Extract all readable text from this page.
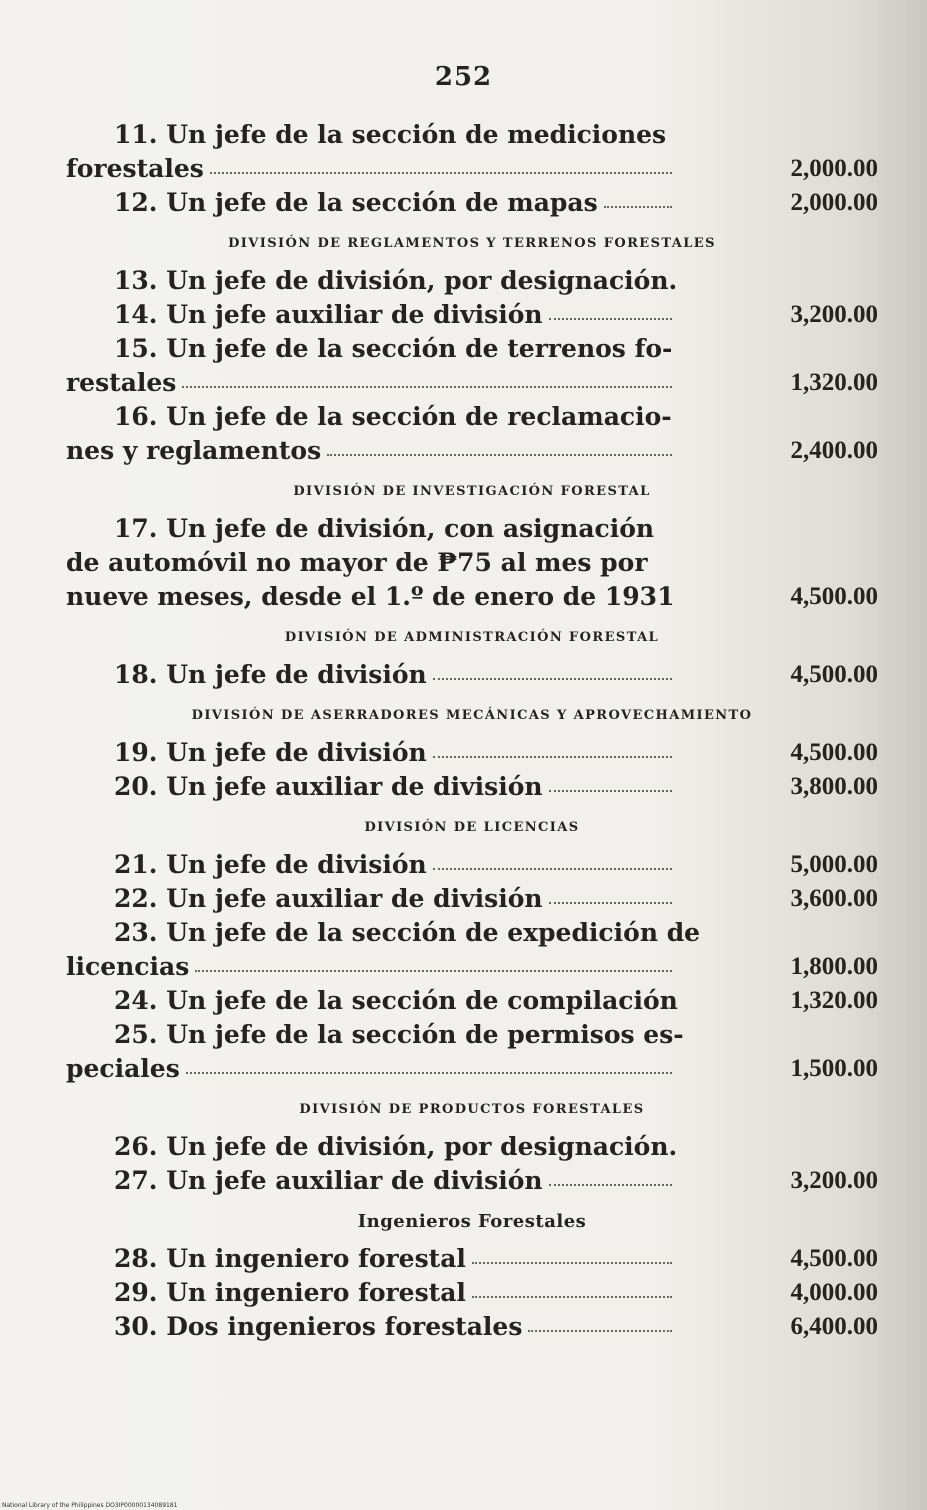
252
11. Un jefe de la sección de mediciones
forestales	2,000.00
12. Un jefe de la sección de mapas	2,000.00
DIVISIÓN DE REGLAMENTOS Y TERRENOS FORESTALES
13. Un jefe de división, por designación.
14. Un jefe auxiliar de división	3,200.00
15. Un jefe de la sección de terrenos fo-
restales	1,320.00
16. Un jefe de la sección de reclamacio-
nes y reglamentos	2,400.00
DIVISIÓN DE INVESTIGACIÓN FORESTAL
17. Un jefe de división, con asignación
de automóvil no mayor de ₱75 al mes por
nueve meses, desde el 1.º de enero de 1931	4,500.00
DIVISIÓN DE ADMINISTRACIÓN FORESTAL
18. Un jefe de división	4,500.00
DIVISIÓN DE ASERRADORES MECÁNICAS Y APROVECHAMIENTO
19. Un jefe de división	4,500.00
20. Un jefe auxiliar de división	3,800.00
DIVISIÓN DE LICENCIAS
21. Un jefe de división	5,000.00
22. Un jefe auxiliar de división	3,600.00
23. Un jefe de la sección de expedición de
licencias	1,800.00
24. Un jefe de la sección de compilación	1,320.00
25. Un jefe de la sección de permisos es-
peciales	1,500.00
DIVISIÓN DE PRODUCTOS FORESTALES
26. Un jefe de división, por designación.
27. Un jefe auxiliar de división	3,200.00
Ingenieros Forestales
28. Un ingeniero forestal	4,500.00
29. Un ingeniero forestal	4,000.00
30. Dos ingenieros forestales	6,400.00
National Library of the Philippines DO3IP00000134089181
